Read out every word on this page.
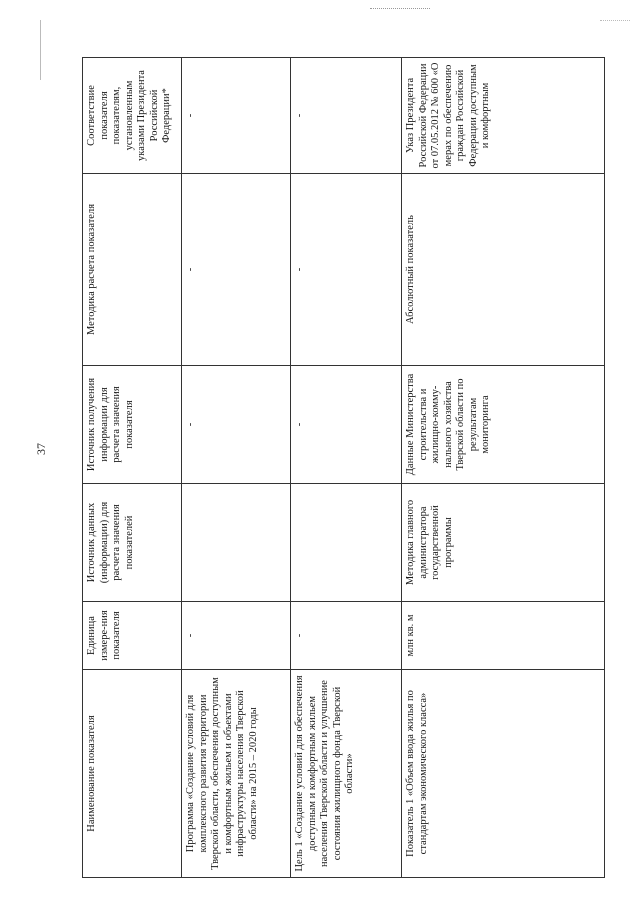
37
Наименование показателя	Единица измере-ния показателя	Источник данных (информации) для расчета значения показателей	Источник получения информации для расчета значения показателя	Методика расчета показателя	Соответствие показателя показателям, установленным указами Президента Российской Федерации*
Программа «Создание условий для комплексного развития территории Тверской области, обеспечения доступным и комфортным жильем и объектами инфраструктуры населения Тверской области» на 2015 – 2020 годы	-		-	-	-
Цель 1 «Создание условий для обеспечения доступным и комфортным жильем населения Тверской области и улучшение состояния жилищного фонда Тверской области»	-		-	-	-
Показатель 1 «Объем ввода жилья по стандартам экономического класса»	млн кв. м	Методика главного администратора государственной программы	Данные Министерства строительства и жилищно-комму-нального хозяйства Тверской области по результатам мониторинга	Абсолютный показатель	Указ Президента Российской Федерации от 07.05.2012 № 600 «О мерах по обеспечению граждан Российской Федерации доступным и комфортным
